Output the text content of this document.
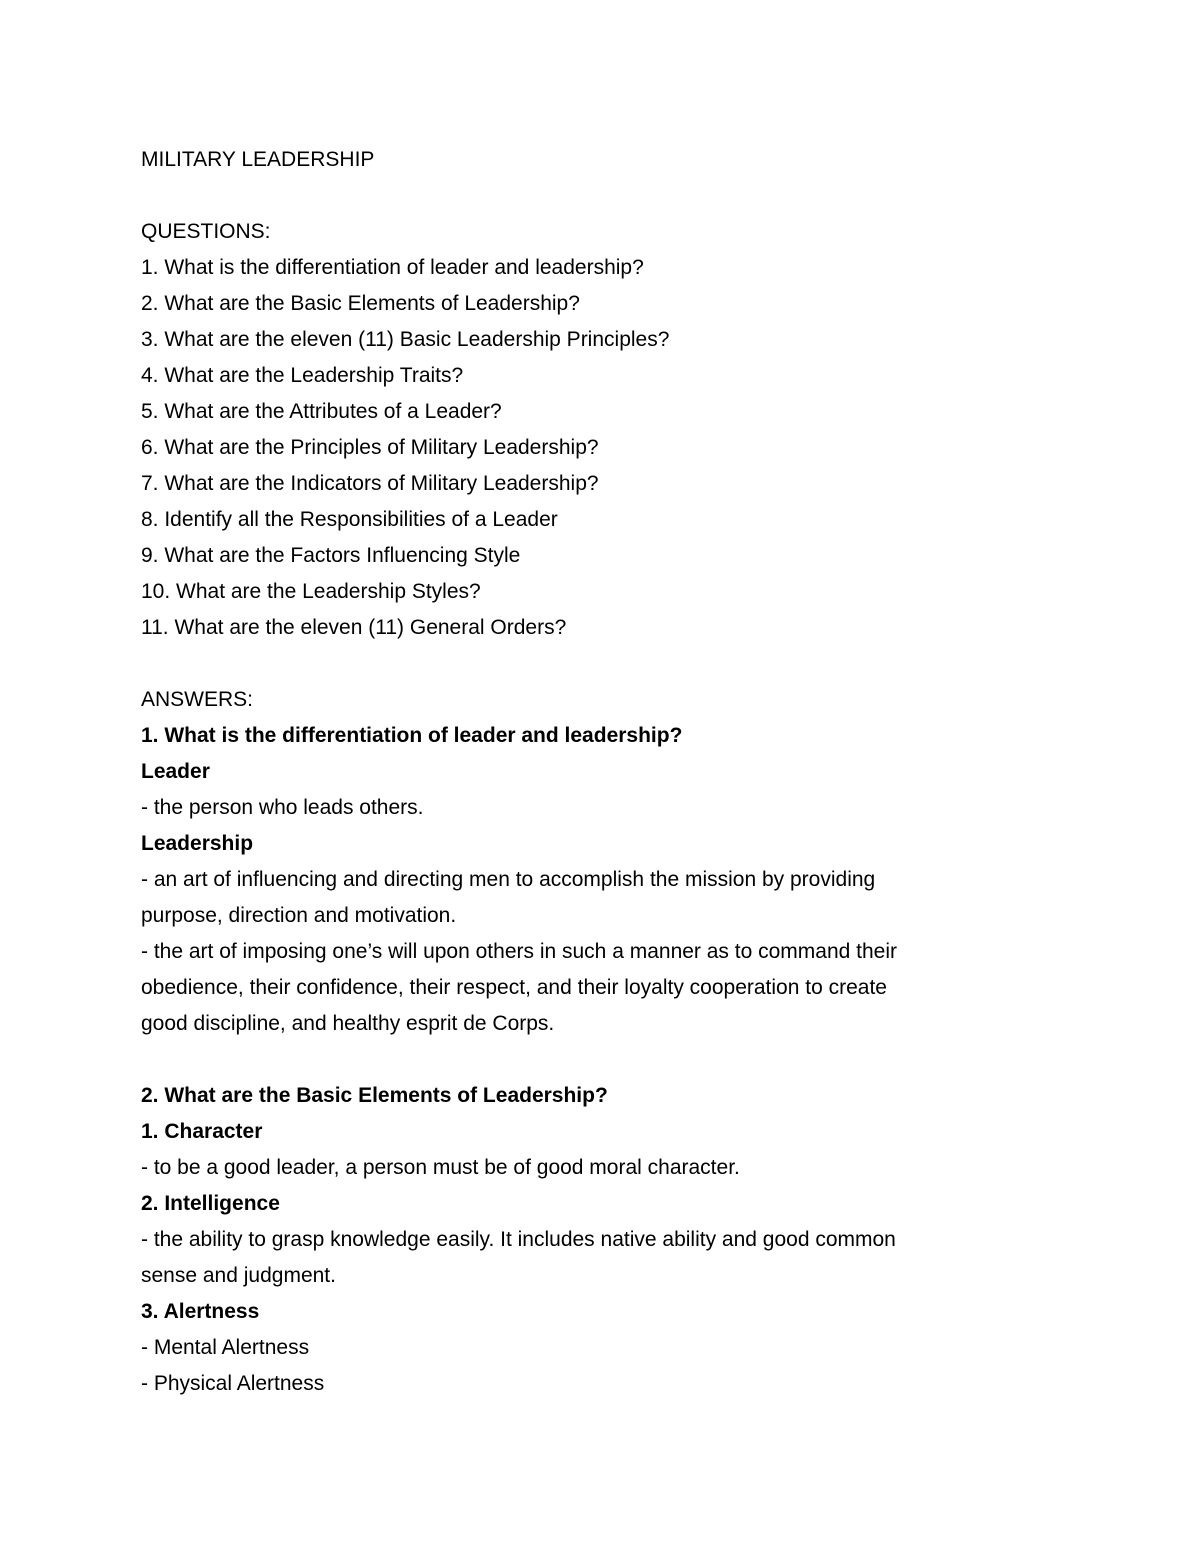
MILITARY LEADERSHIP
QUESTIONS:
1. What is the differentiation of leader and leadership?
2. What are the Basic Elements of Leadership?
3. What are the eleven (11) Basic Leadership Principles?
4. What are the Leadership Traits?
5. What are the Attributes of a Leader?
6. What are the Principles of Military Leadership?
7. What are the Indicators of Military Leadership?
8. Identify all the Responsibilities of a Leader
9. What are the Factors Influencing Style
10. What are the Leadership Styles?
11. What are the eleven (11) General Orders?
ANSWERS:
1. What is the differentiation of leader and leadership?
Leader
- the person who leads others.
Leadership
- an art of influencing and directing men to accomplish the mission by providing
purpose, direction and motivation.
- the art of imposing one’s will upon others in such a manner as to command their
obedience, their confidence, their respect, and their loyalty cooperation to create
good discipline, and healthy esprit de Corps.
2. What are the Basic Elements of Leadership?
1. Character
- to be a good leader, a person must be of good moral character.
2. Intelligence
- the ability to grasp knowledge easily. It includes native ability and good common
sense and judgment.
3. Alertness
- Mental Alertness
- Physical Alertness
